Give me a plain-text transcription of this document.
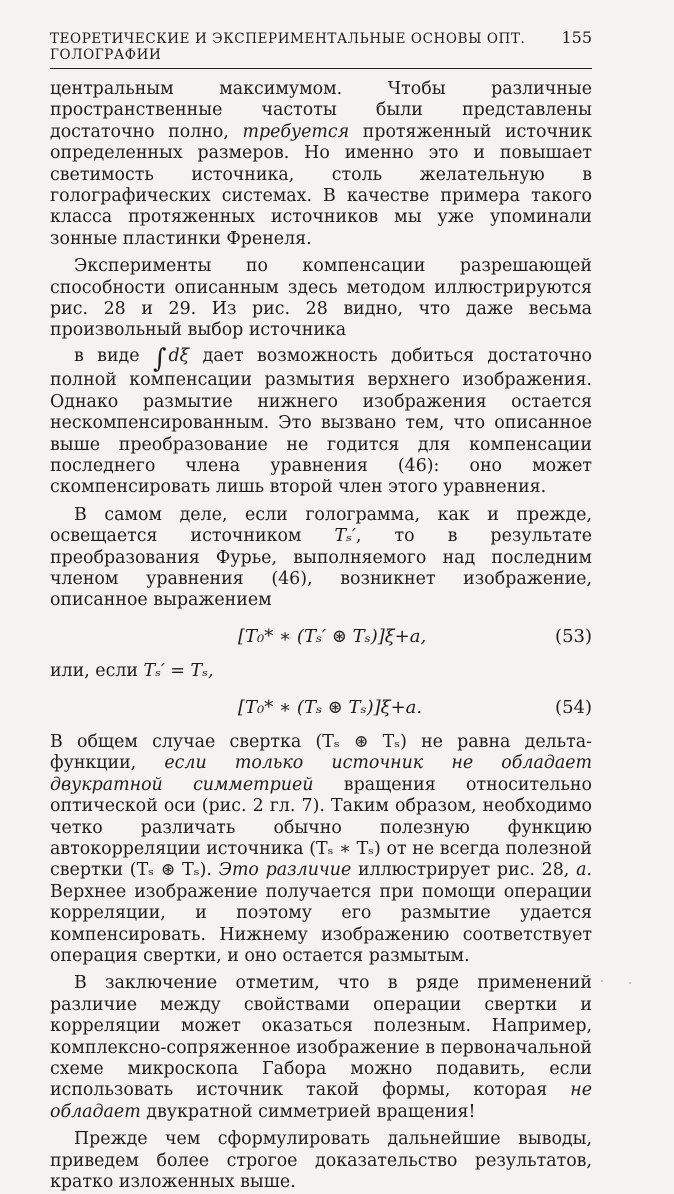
ТЕОРЕТИЧЕСКИЕ И ЭКСПЕРИМЕНТАЛЬНЫЕ ОСНОВЫ ОПТ. ГОЛОГРАФИИ
155

центральным максимумом. Чтобы различные пространственные частоты были представлены достаточно полно, требуется протяженный источник определенных размеров. Но именно это и повышает светимость источника, столь желательную в голографических системах. В качестве примера такого класса протяженных источников мы уже упоминали зонные пластинки Френеля.

Эксперименты по компенсации разрешающей способности описанным здесь методом иллюстрируются рис. 28 и 29. Из рис. 28 видно, что даже весьма произвольный выбор источника
в виде ∫ dξ дает возможность добиться достаточно полной компенсации размытия верхнего изображения. Однако размытие нижнего изображения остается нескомпенсированным. Это вызвано тем, что описанное выше преобразование не годится для компенсации последнего члена уравнения (46): оно может скомпенсировать лишь второй член этого уравнения.

В самом деле, если голограмма, как и прежде, освещается источником Tₛ′, то в результате преобразования Фурье, выполняемого над последним членом уравнения (46), возникнет изображение, описанное выражением

[T₀* ∗ (Tₛ′ ⊛ Tₛ)]ξ+a,	(53)

или, если Tₛ′ = Tₛ,

[T₀* ∗ (Tₛ ⊛ Tₛ)]ξ+a.	(54)

В общем случае свертка (Tₛ ⊛ Tₛ) не равна дельта-функции, если только источник не обладает двукратной симметрией вращения относительно оптической оси (рис. 2 гл. 7). Таким образом, необходимо четко различать обычно полезную функцию автокорреляции источника (Tₛ ∗ Tₛ) от не всегда полезной свертки (Tₛ ⊛ Tₛ). Это различие иллюстрирует рис. 28, а. Верхнее изображение получается при помощи операции корреляции, и поэтому его размытие удается компенсировать. Нижнему изображению соответствует операция свертки, и оно остается размытым.

В заключение отметим, что в ряде применений различие между свойствами операции свертки и корреляции может оказаться полезным. Например, комплексно-сопряженное изображение в первоначальной схеме микроскопа Габора можно подавить, если использовать источник такой формы, которая не обладает двукратной симметрией вращения!

Прежде чем сформулировать дальнейшие выводы, приведем более строгое доказательство результатов, кратко изложенных выше.
